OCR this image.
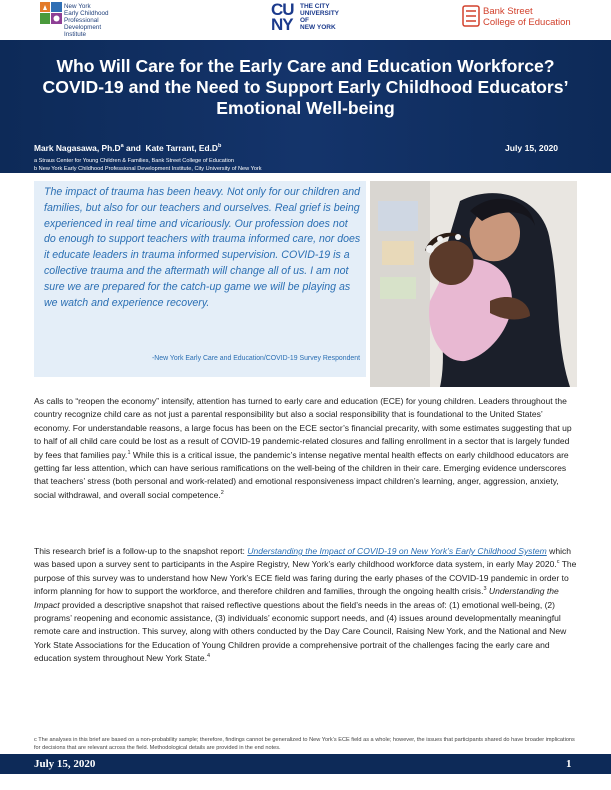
New York
Early Childhood
Professional
Development
Institute
CU
NY
THE CITY
UNIVERSITY
OF
NEW YORK
Bank Street
College of Education
Who Will Care for the Early Care and Education Workforce?
COVID-19 and the Need to Support Early Childhood Educators’
Emotional Well-being
Mark Nagasawa, $Ph.D^a$ and  Kate Tarrant, $Ed.D^b$	July 15, 2020
a Straus Center for Young Children & Families, Bank Street College of Education
b New York Early Childhood Professional Development Institute, City University of New York
The impact of trauma has been heavy. Not only for our children and families, but also for our teachers and ourselves. Real grief is being experienced in real time and vicariously. Our profession does not do enough to support teachers with trauma informed care, nor does it educate leaders in trauma informed supervision. COVID-19 is a collective trauma and the aftermath will change all of us. I am not sure we are prepared for the catch-up game we will be playing as we watch and experience recovery.
-New York Early Care and Education/COVID-19 Survey Respondent
As calls to “reopen the economy” intensify, attention has turned to early care and education (ECE) for young children. Leaders throughout the country recognize child care as not just a parental responsibility but also a social responsibility that is foundational to the United States’ economy. For understandable reasons, a large focus has been on the ECE sector’s financial precarity, with some estimates suggesting that up to half of all child care could be lost as a result of COVID-19 pandemic-related closures and falling enrollment in a sector that is largely funded by fees that families pay.$^1$ While this is a critical issue, the pandemic’s intense negative mental health effects on early childhood educators are getting far less attention, which can have serious ramifications on the well-being of the children in their care. Emerging evidence underscores that teachers’ stress (both personal and work-related) and emotional responsiveness impact children’s learning, anger, aggression, anxiety, social withdrawal, and overall social competence.$^2$
This research brief is a follow-up to the snapshot report: Understanding the Impact of COVID-19 on New York’s Early Childhood System which was based upon a survey sent to participants in the Aspire Registry, New York’s early childhood workforce data system, in early May 2020.$^c$ The purpose of this survey was to understand how New York’s ECE field was faring during the early phases of the COVID-19 pandemic in order to inform planning for how to support the workforce, and therefore children and families, through the ongoing health crisis.$^3$ Understanding the Impact provided a descriptive snapshot that raised reflective questions about the field’s needs in the areas of: (1) emotional well-being, (2) programs’ reopening and economic assistance, (3) individuals’ economic support needs, and (4) issues around developmentally meaningful remote care and instruction. This survey, along with others conducted by the Day Care Council, Raising New York, and the National and New York State Associations for the Education of Young Children provide a comprehensive portrait of the challenges facing the early care and education system throughout New York State.$^4$
c The analyses in this brief are based on a non-probability sample; therefore, findings cannot be generalized to New York’s ECE field as a whole; however, the issues that participants shared do have broader implications for decisions that are relevant across the field. Methodological details are provided in the end notes.
July 15, 2020	1
